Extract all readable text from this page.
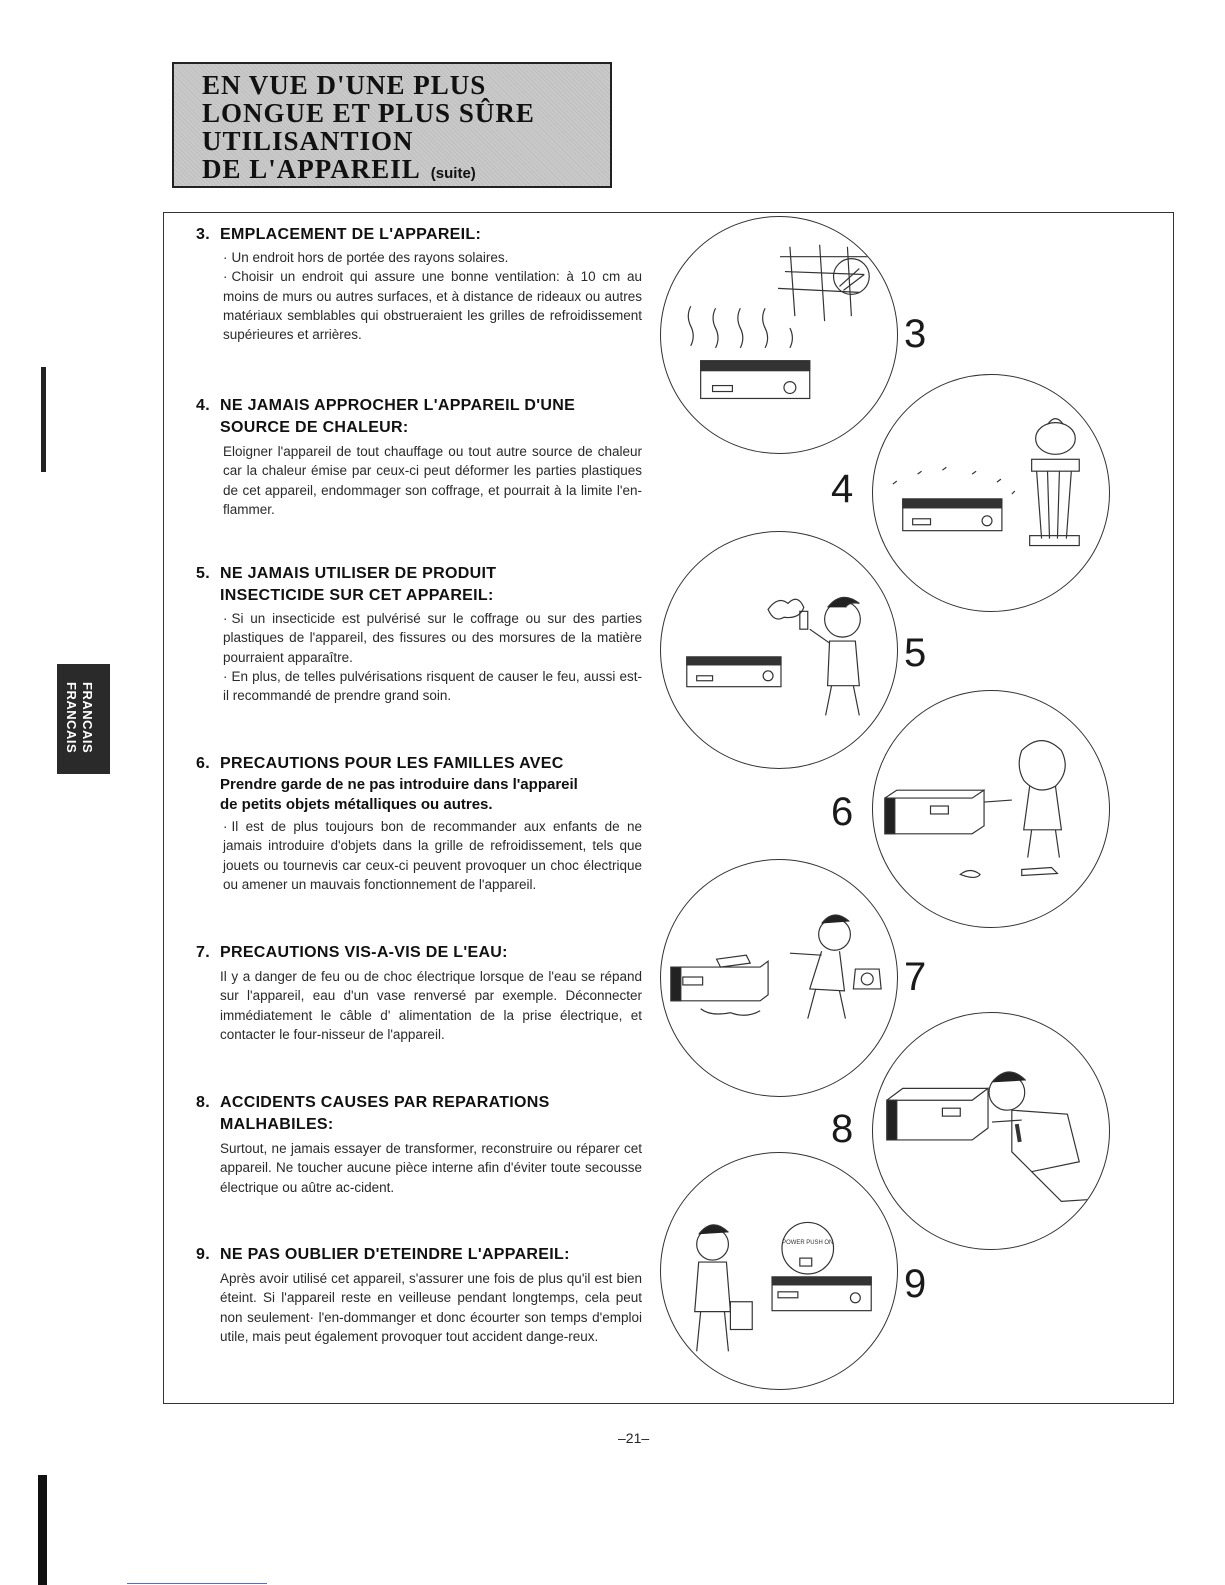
EN VUE D'UNE PLUS
LONGUE ET PLUS SÛRE
UTILISANTION
DE L'APPAREIL (suite)
FRANCAIS
FRANCAIS
3. EMPLACEMENT DE L'APPAREIL:
· Un endroit hors de portée des rayons solaires.
· Choisir un endroit qui assure une bonne ventilation: à 10 cm au moins de murs ou autres surfaces, et à distance de rideaux ou autres matériaux semblables qui obstrueraient les grilles de refroidissement supérieures et arrières.
4. NE JAMAIS APPROCHER L'APPAREIL D'UNE
SOURCE DE CHALEUR:
Eloigner l'appareil de tout chauffage ou tout autre source de chaleur car la chaleur émise par ceux-ci peut déformer les parties plastiques de cet appareil, endommager son coffrage, et pourrait à la limite l'en-flammer.
5. NE JAMAIS UTILISER DE PRODUIT
INSECTICIDE SUR CET APPAREIL:
· Si un insecticide est pulvérisé sur le coffrage ou sur des parties plastiques de l'appareil, des fissures ou des morsures de la matière pourraient apparaître.
· En plus, de telles pulvérisations risquent de causer le feu, aussi est-il recommandé de prendre grand soin.
6. PRECAUTIONS POUR LES FAMILLES AVEC
Prendre garde de ne pas introduire dans l'appareil
de petits objets métalliques ou autres.
· Il est de plus toujours bon de recommander aux enfants de ne jamais introduire d'objets dans la grille de refroidissement, tels que jouets ou tournevis car ceux-ci peuvent provoquer un choc électrique ou amener un mauvais fonctionnement de l'appareil.
7. PRECAUTIONS VIS-A-VIS DE L'EAU:
Il y a danger de feu ou de choc électrique lorsque de l'eau se répand sur l'appareil, eau d'un vase renversé par exemple. Déconnecter immédiatement le câble d' alimentation de la prise électrique, et contacter le four-nisseur de l'appareil.
8. ACCIDENTS CAUSES PAR REPARATIONS
MALHABILES:
Surtout, ne jamais essayer de transformer, reconstruire ou réparer cet appareil. Ne toucher aucune pièce interne afin d'éviter toute secousse électrique ou aûtre ac-cident.
9. NE PAS OUBLIER D'ETEINDRE L'APPAREIL:
Après avoir utilisé cet appareil, s'assurer une fois de plus qu'il est bien éteint. Si l'appareil reste en veilleuse pendant longtemps, cela peut non seulement· l'en-dommanger et donc écourter son temps d'emploi utile, mais peut également provoquer tout accident dange-reux.
3
4
5
6
7
8
POWER PUSH ON
9
–21–
